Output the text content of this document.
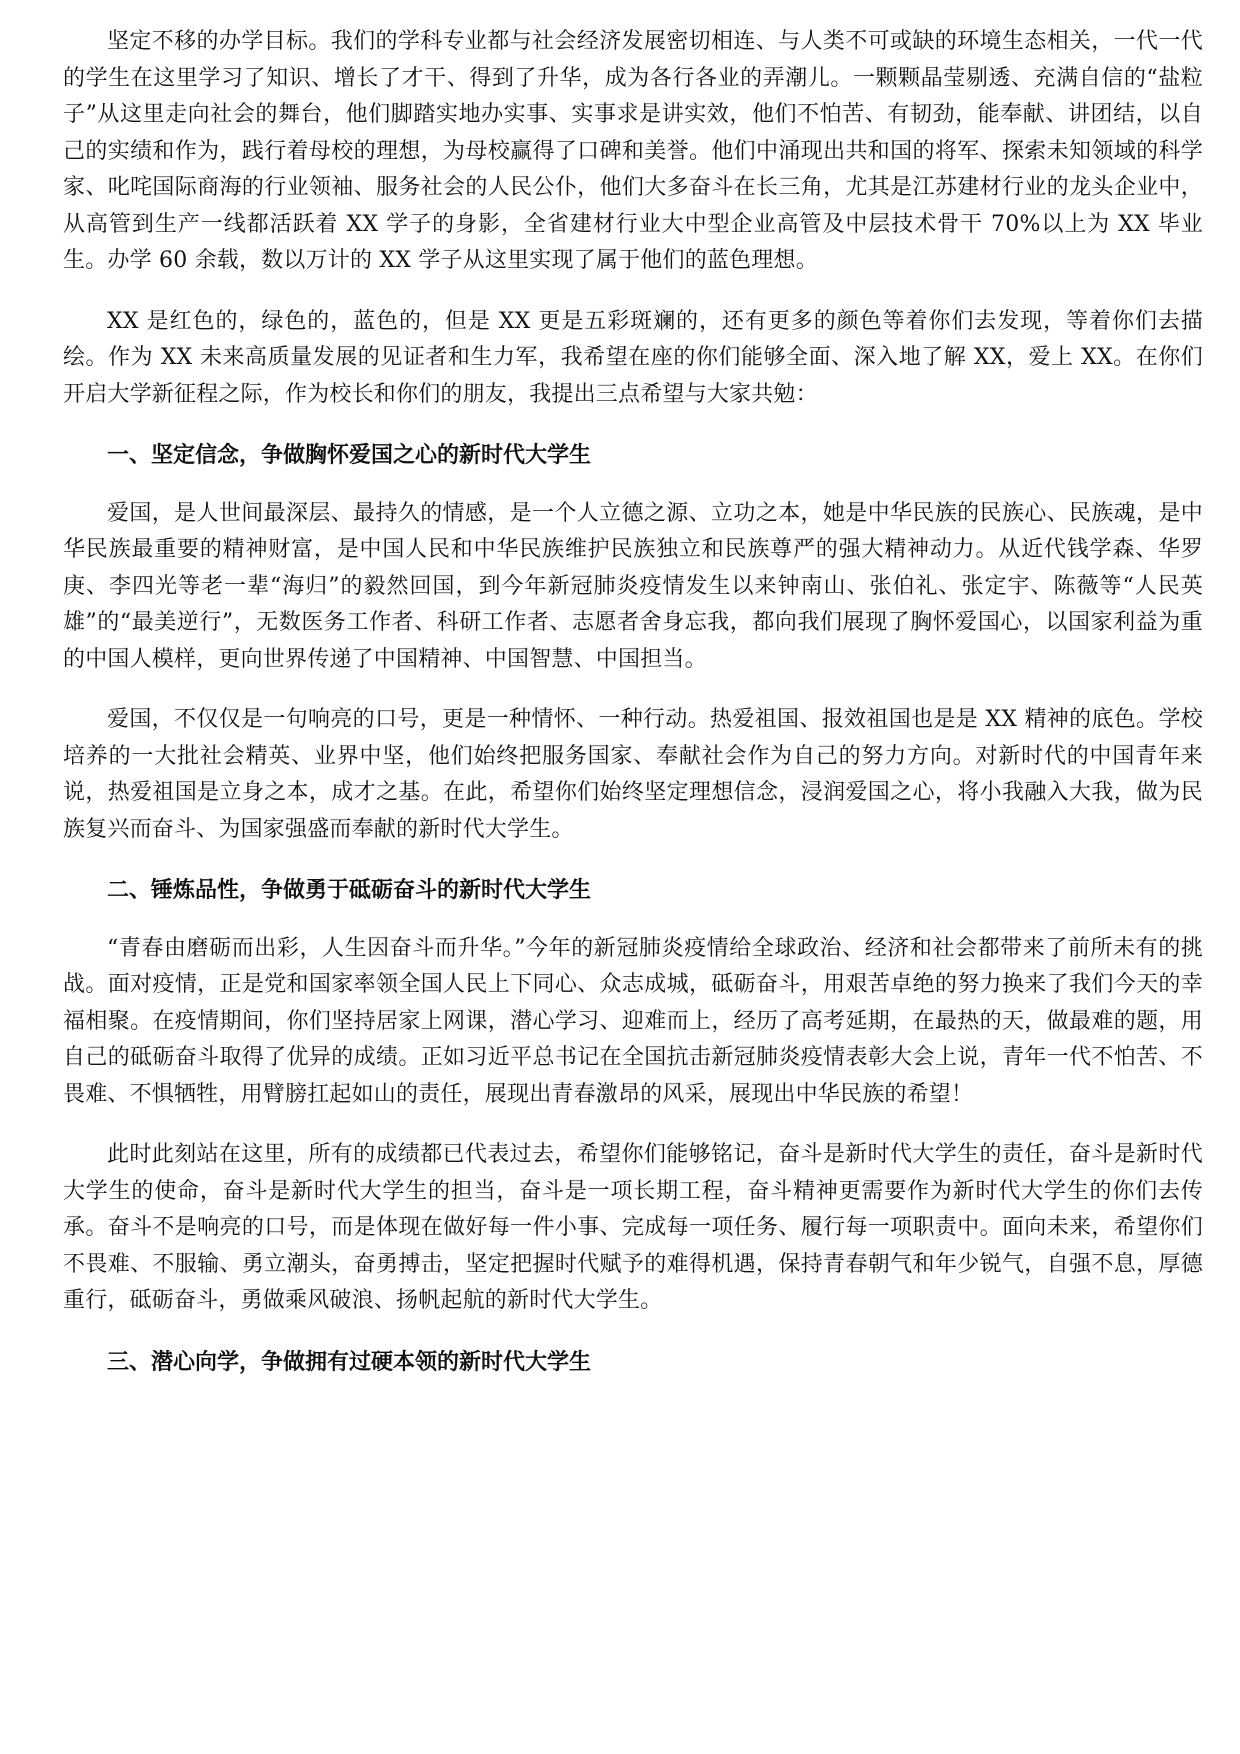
坚定不移的办学目标。我们的学科专业都与社会经济发展密切相连、与人类不可或缺的环境生态相关，一代一代的学生在这里学习了知识、增长了才干、得到了升华，成为各行各业的弄潮儿。一颗颗晶莹剔透、充满自信的“盐粒子”从这里走向社会的舞台，他们脚踏实地办实事、实事求是讲实效，他们不怕苦、有韧劲，能奉献、讲团结，以自己的实绩和作为，践行着母校的理想，为母校赢得了口碑和美誉。他们中涌现出共和国的将军、探索未知领域的科学家、叱咤国际商海的行业领袖、服务社会的人民公仆，他们大多奋斗在长三角，尤其是江苏建材行业的龙头企业中，从高管到生产一线都活跃着 XX 学子的身影，全省建材行业大中型企业高管及中层技术骨干 70%以上为 XX 毕业生。办学 60 余载，数以万计的 XX 学子从这里实现了属于他们的蓝色理想。

XX 是红色的，绿色的，蓝色的，但是 XX 更是五彩斑斓的，还有更多的颜色等着你们去发现，等着你们去描绘。作为 XX 未来高质量发展的见证者和生力军，我希望在座的你们能够全面、深入地了解 XX，爱上 XX。在你们开启大学新征程之际，作为校长和你们的朋友，我提出三点希望与大家共勉：

一、坚定信念，争做胸怀爱国之心的新时代大学生

爱国，是人世间最深层、最持久的情感，是一个人立德之源、立功之本，她是中华民族的民族心、民族魂，是中华民族最重要的精神财富，是中国人民和中华民族维护民族独立和民族尊严的强大精神动力。从近代钱学森、华罗庚、李四光等老一辈“海归”的毅然回国，到今年新冠肺炎疫情发生以来钟南山、张伯礼、张定宇、陈薇等“人民英雄”的“最美逆行”，无数医务工作者、科研工作者、志愿者舍身忘我，都向我们展现了胸怀爱国心，以国家利益为重的中国人模样，更向世界传递了中国精神、中国智慧、中国担当。

爱国，不仅仅是一句响亮的口号，更是一种情怀、一种行动。热爱祖国、报效祖国也是是 XX 精神的底色。学校培养的一大批社会精英、业界中坚，他们始终把服务国家、奉献社会作为自己的努力方向。对新时代的中国青年来说，热爱祖国是立身之本，成才之基。在此，希望你们始终坚定理想信念，浸润爱国之心，将小我融入大我，做为民族复兴而奋斗、为国家强盛而奉献的新时代大学生。

二、锤炼品性，争做勇于砥砺奋斗的新时代大学生

“青春由磨砺而出彩，人生因奋斗而升华。”今年的新冠肺炎疫情给全球政治、经济和社会都带来了前所未有的挑战。面对疫情，正是党和国家率领全国人民上下同心、众志成城，砥砺奋斗，用艰苦卓绝的努力换来了我们今天的幸福相聚。在疫情期间，你们坚持居家上网课，潜心学习、迎难而上，经历了高考延期，在最热的天，做最难的题，用自己的砥砺奋斗取得了优异的成绩。正如习近平总书记在全国抗击新冠肺炎疫情表彰大会上说，青年一代不怕苦、不畏难、不惧牺牲，用臂膀扛起如山的责任，展现出青春激昂的风采，展现出中华民族的希望！

此时此刻站在这里，所有的成绩都已代表过去，希望你们能够铭记，奋斗是新时代大学生的责任，奋斗是新时代大学生的使命，奋斗是新时代大学生的担当，奋斗是一项长期工程，奋斗精神更需要作为新时代大学生的你们去传承。奋斗不是响亮的口号，而是体现在做好每一件小事、完成每一项任务、履行每一项职责中。面向未来，希望你们不畏难、不服输、勇立潮头，奋勇搏击，坚定把握时代赋予的难得机遇，保持青春朝气和年少锐气，自强不息，厚德重行，砥砺奋斗，勇做乘风破浪、扬帆起航的新时代大学生。

三、潜心向学，争做拥有过硬本领的新时代大学生
